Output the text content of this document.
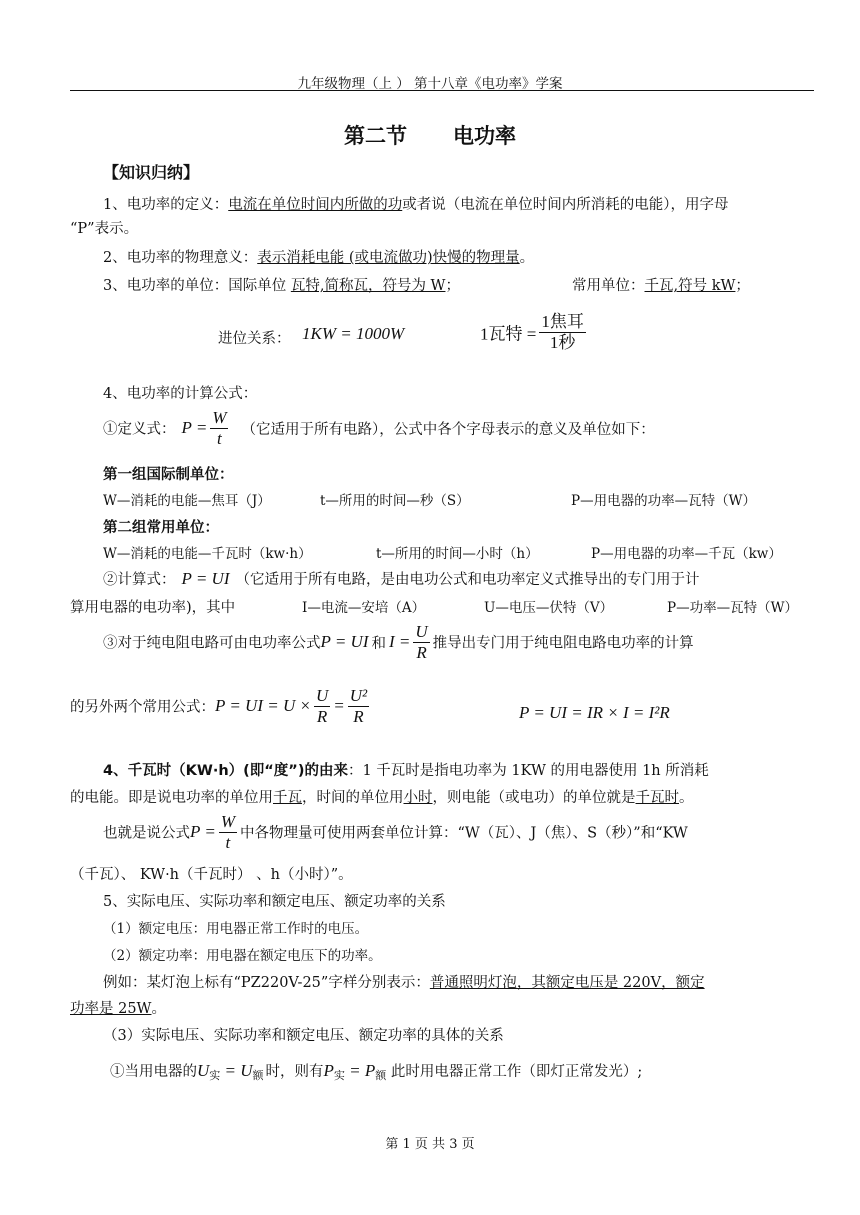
九年级物理（上 ） 第十八章《电功率》学案
第二节 电功率
【知识归纳】
1、电功率的定义：电流在单位时间内所做的功或者说（电流在单位时间内所消耗的电能），用字母
“P”表示。
2、电功率的物理意义：表示消耗电能 (或电流做功)快慢的物理量。
3、电功率的单位：国际单位 瓦特,简称瓦，符号为 W；	常用单位：千瓦,符号 kW；
进位关系： 1KW = 1000W	1瓦特 = $\frac{\text{1焦耳}}{\text{1秒}}$
4、电功率的计算公式：
①定义式： $P = \frac{W}{t}$ （它适用于所有电路），公式中各个字母表示的意义及单位如下：
第一组国际制单位：
W—消耗的电能—焦耳（J）	t—所用的时间—秒（S）	P—用电器的功率—瓦特（W）
第二组常用单位：
W—消耗的电能—千瓦时（kw·h）	t—所用的时间—小时（h）	P—用电器的功率—千瓦（kw）
②计算式： P = UI （它适用于所有电路，是由电功公式和电功率定义式推导出的专门用于计
算用电器的电功率)，其中	I—电流—安培（A）	U—电压—伏特（V）	P—功率—瓦特（W）
③对于纯电阻电路可由电功率公式P = UI 和 $I = \frac{U}{R}$ 推导出专门用于纯电阻电路电功率的计算
的另外两个常用公式：P = UI = $U \times \frac{U}{R} = \frac{\text{U²}}{R}$	P = UI = IR × I = I²R
4、千瓦时（KW·h）(即“度”)的由来：1 千瓦时是指电功率为 1KW 的用电器使用 1h 所消耗
的电能。即是说电功率的单位用千瓦，时间的单位用小时，则电能（或电功）的单位就是千瓦时。
也就是说公式$P = \frac{W}{t}$ 中各物理量可使用两套单位计算：“W（瓦）、J（焦）、S（秒）”和“KW
（千瓦）、 KW·h（千瓦时） 、h（小时）”。
5、实际电压、实际功率和额定电压、额定功率的关系
（1）额定电压：用电器正常工作时的电压。
（2）额定功率：用电器在额定电压下的功率。
例如：某灯泡上标有“PZ220V-25”字样分别表示：普通照明灯泡，其额定电压是 220V，额定
功率是 25W。
（3）实际电压、实际功率和额定电压、额定功率的具体的关系
①当用电器的$U_实 = U_额$ 时，则有$P_实 = P_额$ 此时用电器正常工作（即灯正常发光）;
第 1 页 共 3 页
